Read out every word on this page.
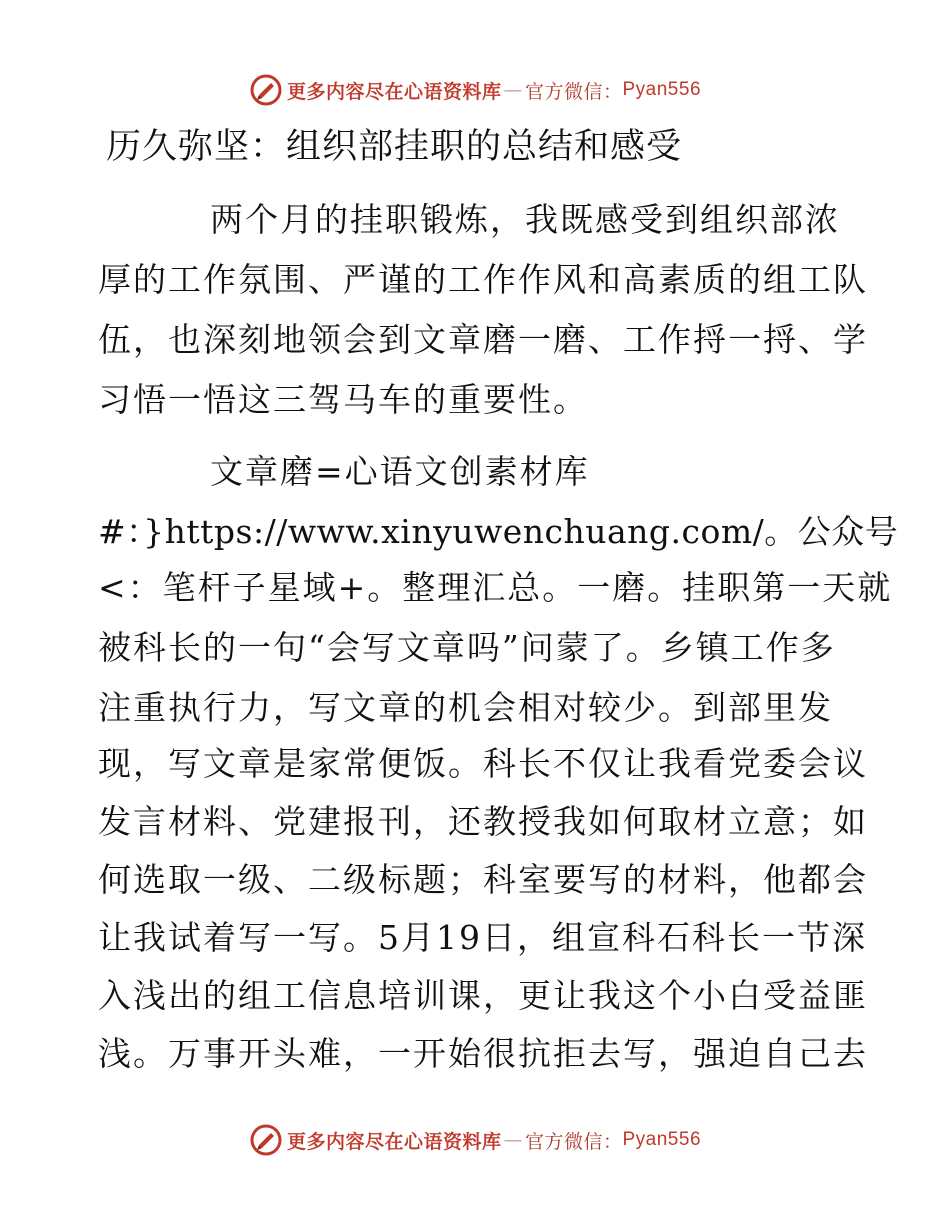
更多内容尽在心语资料库 — 官方微信： Pyan556
历久弥坚：组织部挂职的总结和感受
两个月的挂职锻炼，我既感受到组织部浓
厚的工作氛围、严谨的工作作风和高素质的组工队
伍，也深刻地领会到文章磨一磨、工作捋一捋、学
习悟一悟这三驾马车的重要性。
文章磨=心语文创素材库
#：}https://www.xinyuwenchuang.com/。公众号
<：笔杆子星域+。整理汇总。一磨。挂职第一天就
被科长的一句“会写文章吗”问蒙了。乡镇工作多
注重执行力，写文章的机会相对较少。到部里发
现，写文章是家常便饭。科长不仅让我看党委会议
发言材料、党建报刊，还教授我如何取材立意；如
何选取一级、二级标题；科室要写的材料，他都会
让我试着写一写。5月19日，组宣科石科长一节深
入浅出的组工信息培训课，更让我这个小白受益匪
浅。万事开头难，一开始很抗拒去写，强迫自己去
更多内容尽在心语资料库 — 官方微信： Pyan556
